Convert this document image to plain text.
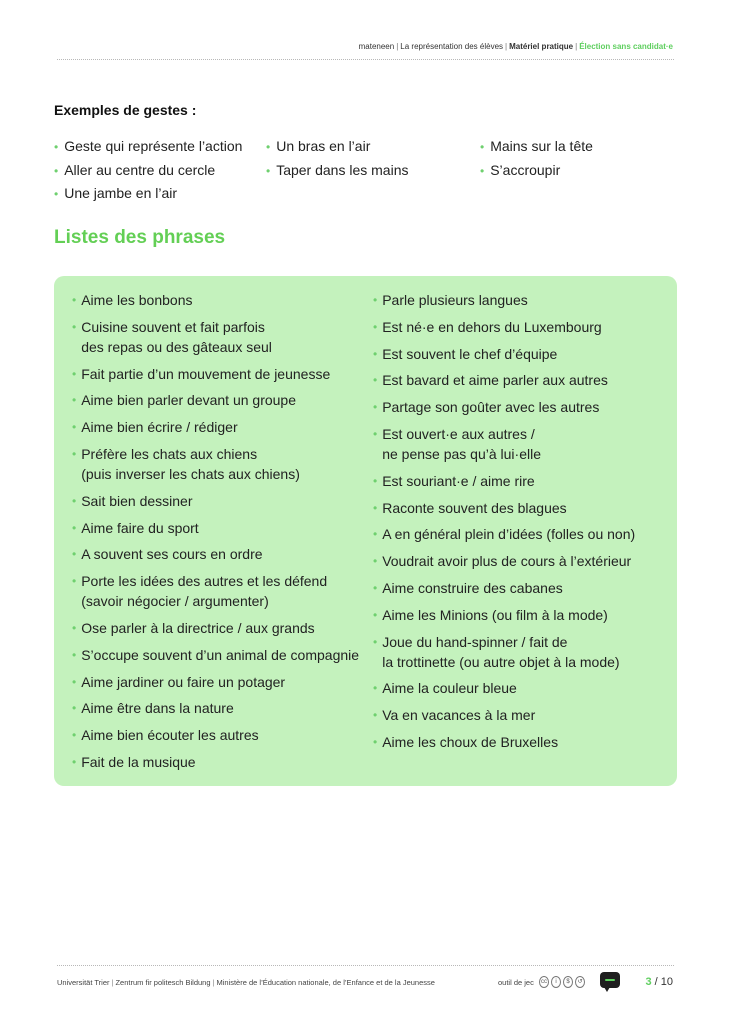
mateneen | La représentation des élèves | Matériel pratique | Élection sans candidat·e
Exemples de gestes :
• Geste qui représente l’action
• Aller au centre du cercle
• Une jambe en l’air
• Un bras en l’air
• Taper dans les mains
• Mains sur la tête
• S’accroupir
Listes des phrases
• Aime les bonbons
• Cuisine souvent et fait parfois
des repas ou des gâteaux seul
• Fait partie d’un mouvement de jeunesse
• Aime bien parler devant un groupe
• Aime bien écrire / rédiger
• Préfère les chats aux chiens
(puis inverser les chats aux chiens)
• Sait bien dessiner
• Aime faire du sport
• A souvent ses cours en ordre
• Porte les idées des autres et les défend
(savoir négocier / argumenter)
• Ose parler à la directrice / aux grands
• S’occupe souvent d’un animal de compagnie
• Aime jardiner ou faire un potager
• Aime être dans la nature
• Aime bien écouter les autres
• Fait de la musique
• Parle plusieurs langues
• Est né·e en dehors du Luxembourg
• Est souvent le chef d’équipe
• Est bavard et aime parler aux autres
• Partage son goûter avec les autres
• Est ouvert·e aux autres /
ne pense pas qu’à lui·elle
• Est souriant·e / aime rire
• Raconte souvent des blagues
• A en général plein d’idées (folles ou non)
• Voudrait avoir plus de cours à l’extérieur
• Aime construire des cabanes
• Aime les Minions (ou film à la mode)
• Joue du hand-spinner / fait de
la trottinette (ou autre objet à la mode)
• Aime la couleur bleue
• Va en vacances à la mer
• Aime les choux de Bruxelles
Universität Trier | Zentrum fir politesch Bildung | Ministère de l’Éducation nationale, de l’Enfance et de la Jeunesse	outil de jec	cc	i	$	↺	3 / 10
